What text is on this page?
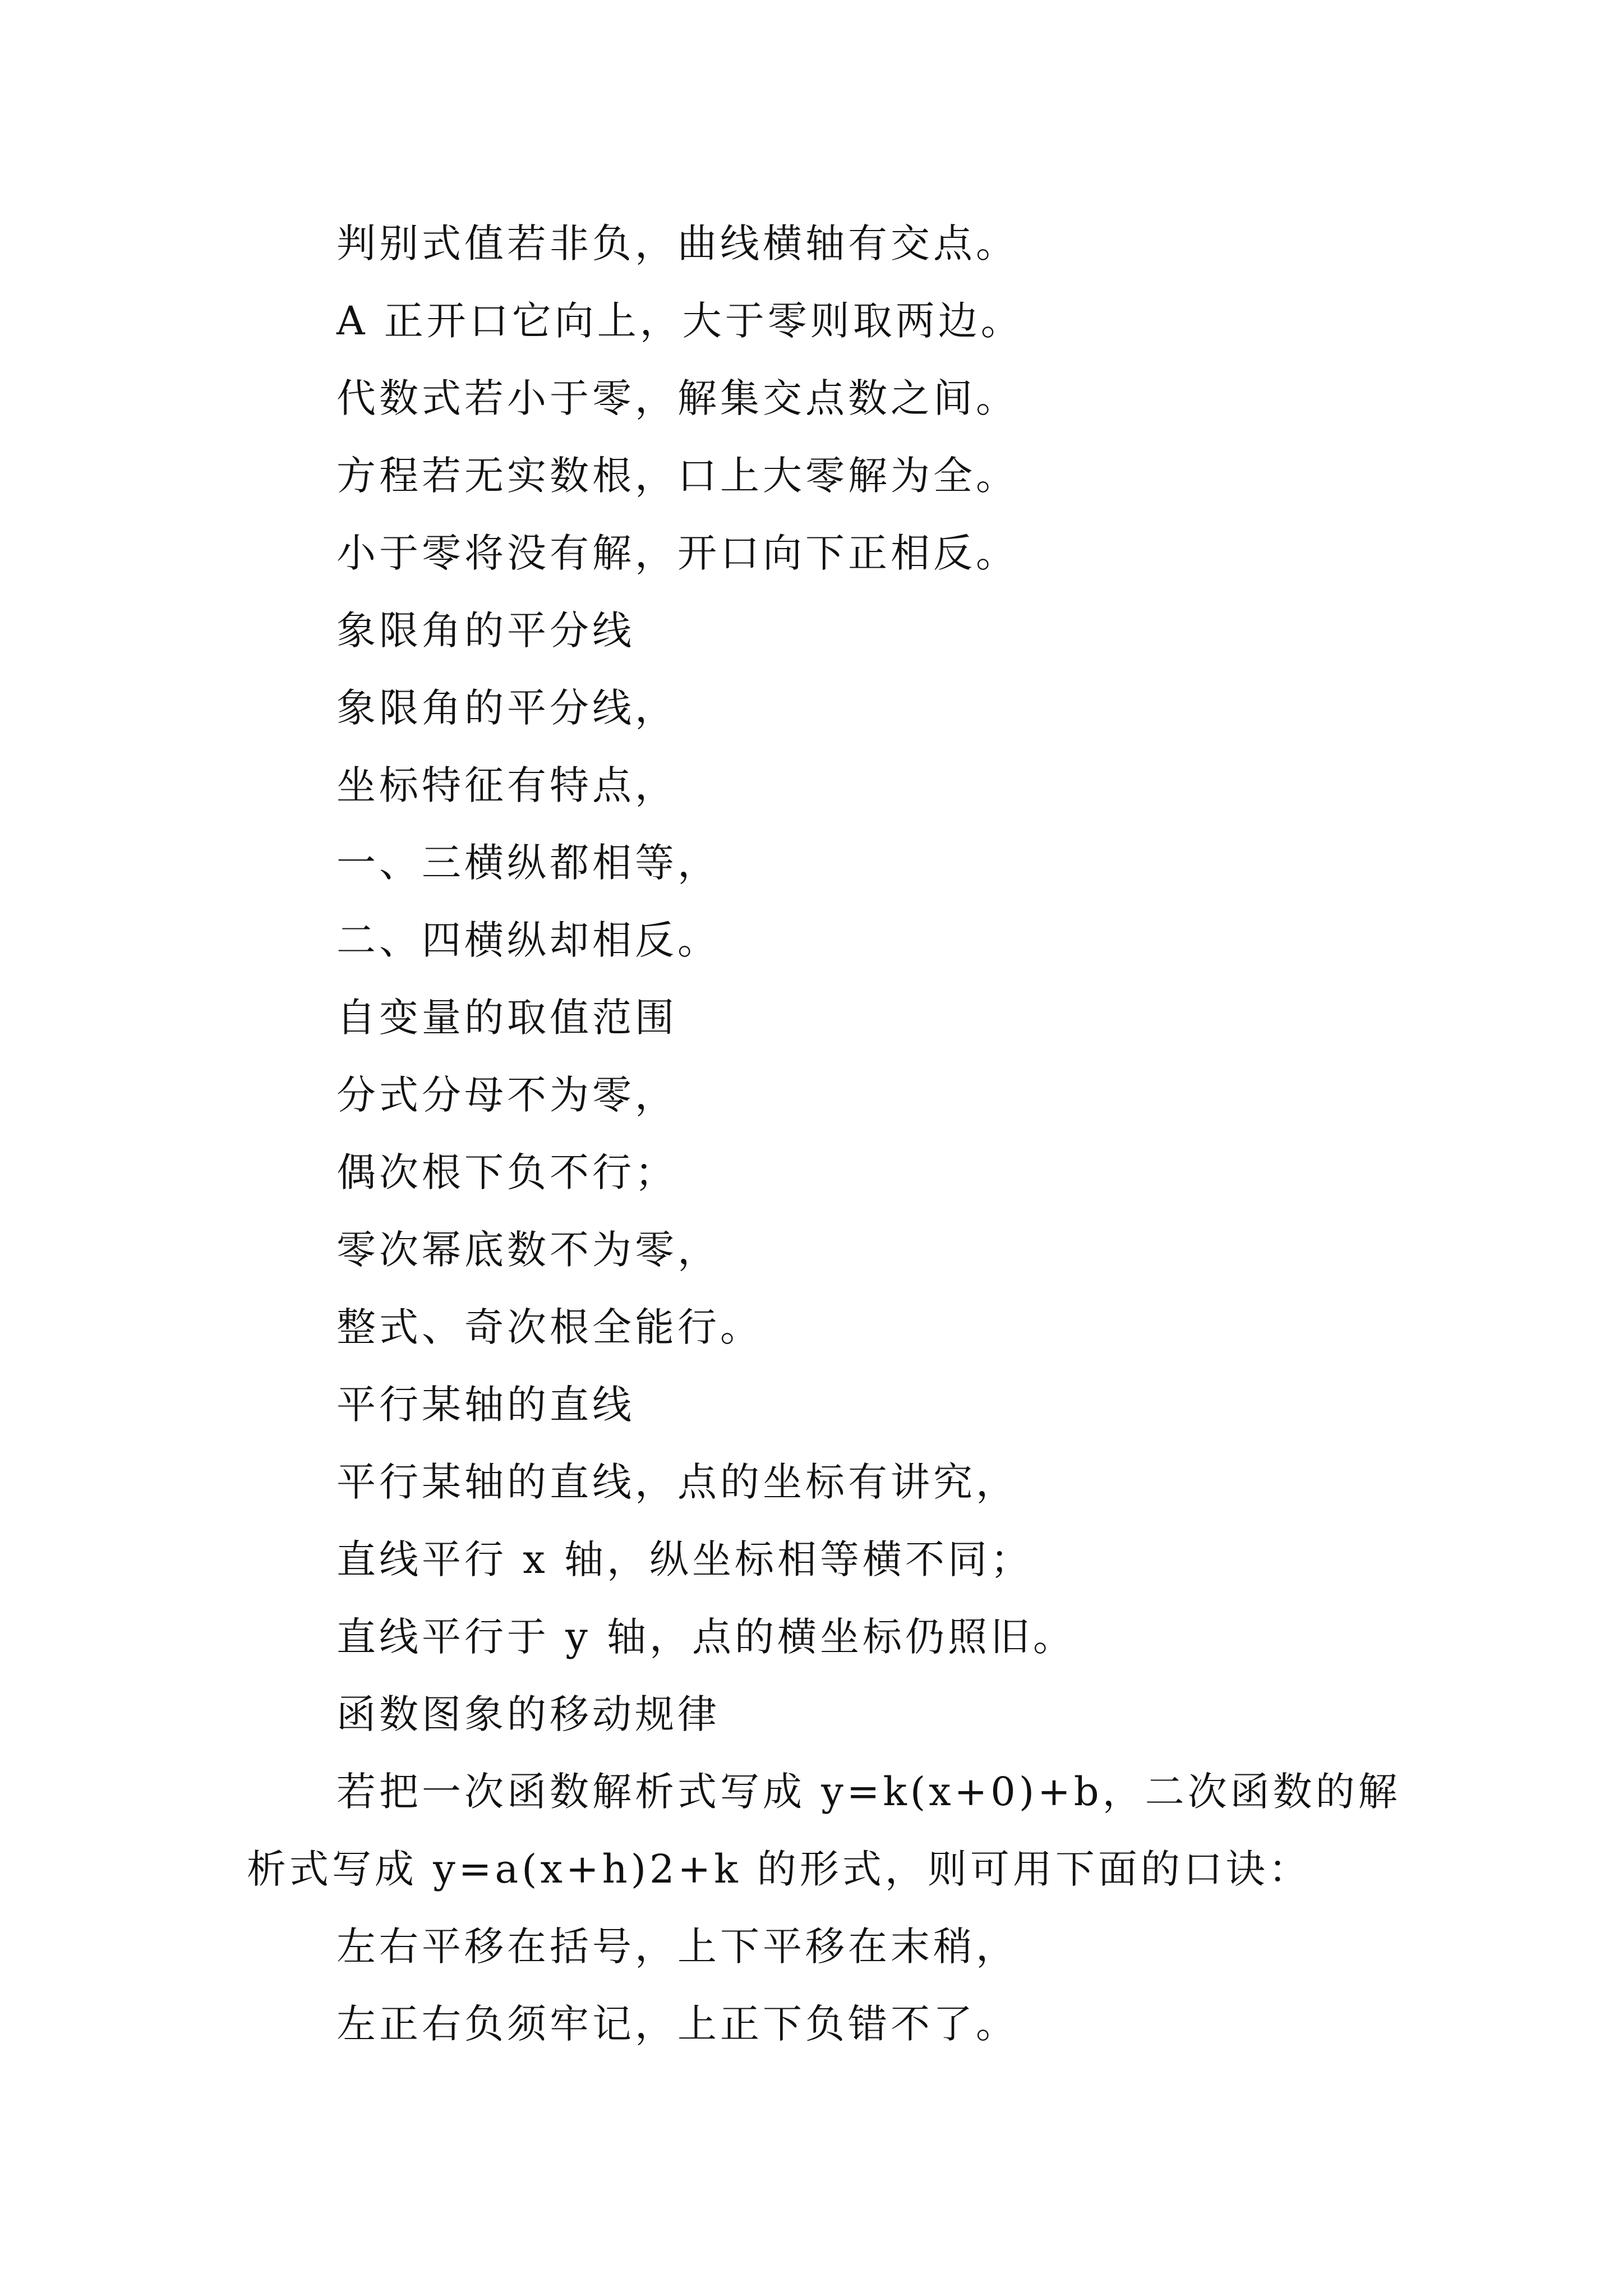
判别式值若非负，曲线横轴有交点。

A 正开口它向上，大于零则取两边。

代数式若小于零，解集交点数之间。

方程若无实数根，口上大零解为全。

小于零将没有解，开口向下正相反。

象限角的平分线

象限角的平分线，

坐标特征有特点，

一、三横纵都相等，

二、四横纵却相反。

自变量的取值范围

分式分母不为零，

偶次根下负不行；

零次幂底数不为零，

整式、奇次根全能行。

平行某轴的直线

平行某轴的直线，点的坐标有讲究，

直线平行 x 轴，纵坐标相等横不同；

直线平行于 y 轴，点的横坐标仍照旧。

函数图象的移动规律

若把一次函数解析式写成 y=k(x+0)+b，二次函数的解析式写成 y=a(x+h)2+k 的形式，则可用下面的口诀：

左右平移在括号，上下平移在末稍，

左正右负须牢记，上正下负错不了。
